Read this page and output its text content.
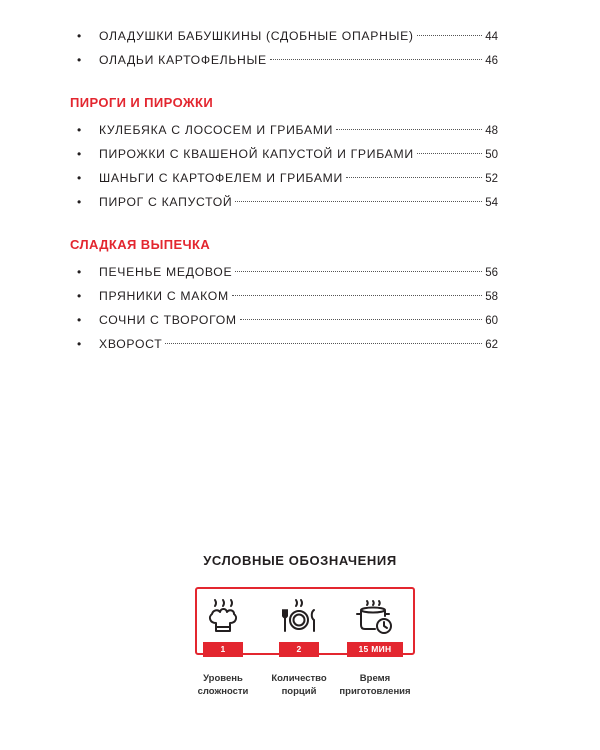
•	ОЛАДУШКИ БАБУШКИНЫ (СДОБНЫЕ ОПАРНЫЕ)	44
•	ОЛАДЬИ КАРТОФЕЛЬНЫЕ	46
ПИРОГИ И ПИРОЖКИ
•	КУЛЕБЯКА С ЛОСОСЕМ И ГРИБАМИ	48
•	ПИРОЖКИ С КВАШЕНОЙ КАПУСТОЙ И ГРИБАМИ	50
•	ШАНЬГИ С КАРТОФЕЛЕМ И ГРИБАМИ	52
•	ПИРОГ С КАПУСТОЙ	54
СЛАДКАЯ ВЫПЕЧКА
•	ПЕЧЕНЬЕ МЕДОВОЕ	56
•	ПРЯНИКИ С МАКОМ	58
•	СОЧНИ С ТВОРОГОМ	60
•	ХВОРОСТ	62
УСЛОВНЫЕ ОБОЗНАЧЕНИЯ
1
Уровень
сложности
2
Количество
порций
15 МИН
Время
приготовления
